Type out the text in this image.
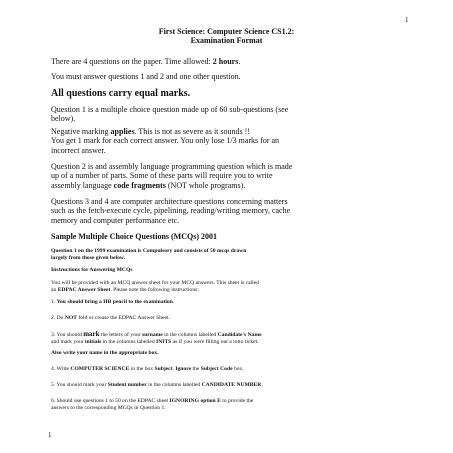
1
First Science: Computer Science CS1.2:
Examination Format
There are 4 questions on the paper. Time allowed: 2 hours.
You must answer questions 1 and 2 and one other question.
All questions carry equal marks.
Question 1 is a multiple choice question made up of 60 sub-questions (see
below).
Negative marking applies. This is not as severe as it sounds !!
You get 1 mark for each correct answer. You only lose 1/3 marks for an
incorrect answer.
Question 2 is and assembly language programming question which is made
up of a number of parts. Some of these parts will require you to write
assembly language code fragments (NOT whole programs).
Questions 3 and 4 are computer architecture questions concerning matters
such as the fetch-execute cycle, pipelining, reading/writing memory, cache
memory and computer performance etc.
Sample Multiple Choice Questions (MCQs) 2001
Question 1 on the 1999 examination is Compulsory and consists of 50 mcqs drawn
largely from those given below.
Instructions for Answering MCQs
You will be provided with an MCQ answer sheet for your MCQ answers. This sheet is called
an EDPAC Answer Sheet. Please note the following instructions:
1. You should bring a HB pencil to the examination.
2. Do NOT fold or crease the EDPAC Answer Sheet.
3. You should mark the letters of your surname in the columns labelled Candidate's Name
and mark your initials in the columns labelled INITS as if you were filling out a lotto ticket.
Also write your name in the appropriate box.
4. Write COMPUTER SCIENCE in the box Subject. Ignore the Subject Code box.
5. You should mark your Student number in the columns labelled CANDIDATE NUMBER.
6. Should use questions 1 to 50 on the EDPAC sheet IGNORING option E to provide the
answers to the corresponding MCQs in Question 1.
1
